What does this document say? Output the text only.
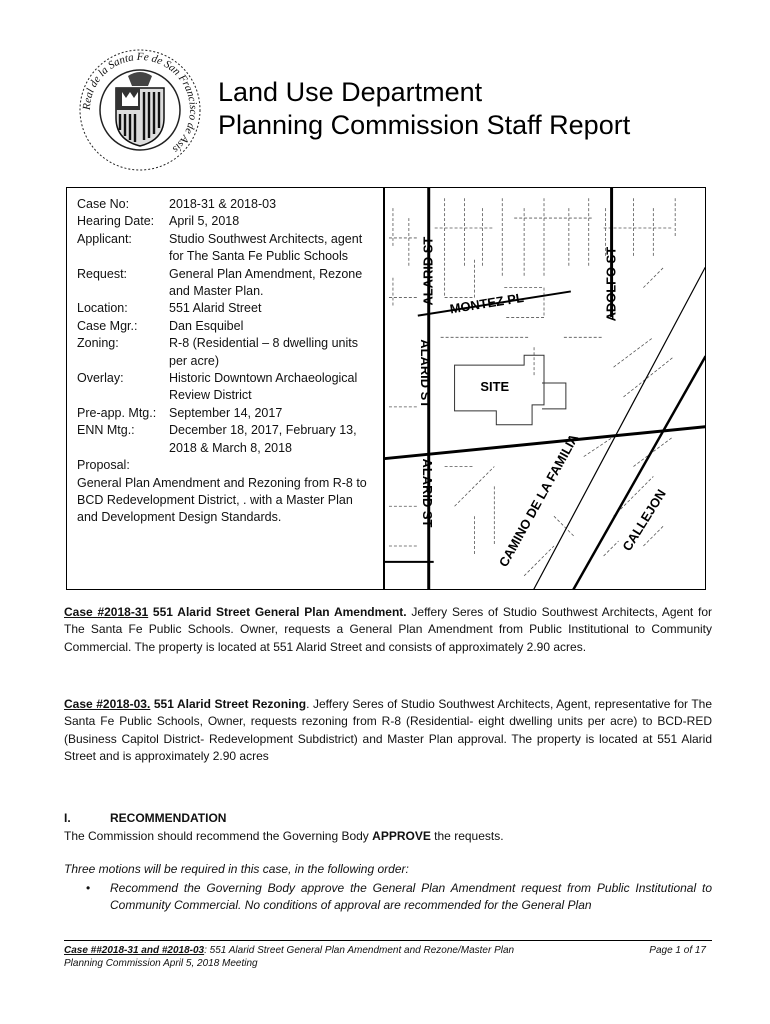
Real de la Santa Fe de San Francisco de Asís
Land Use Department
Planning Commission Staff Report
Case No:	2018-31 & 2018-03
Hearing Date:	April 5, 2018
Applicant:	Studio Southwest Architects, agent for The Santa Fe Public Schools
Request:	General Plan Amendment, Rezone and Master Plan.
Location:	551 Alarid Street
Case Mgr.:	Dan Esquibel
Zoning:	R-8 (Residential – 8 dwelling units per acre)
Overlay:	Historic Downtown Archaeological Review District
Pre-app. Mtg.:	September 14, 2017
ENN Mtg.:	December 18, 2017, February 13, 2018 & March 8, 2018
Proposal:
General Plan Amendment and Rezoning from R-8 to BCD Redevelopment District, . with a Master Plan and Development Design Standards.
ALARID ST
ALARID ST
ALARID ST
MONTEZ PL	ADOLFO ST
SITE
CAMINO DE LA FAMILIA	CALLEJON
Case #2018-31 551 Alarid Street General Plan Amendment. Jeffery Seres of Studio Southwest Architects, Agent for The Santa Fe Public Schools. Owner, requests a General Plan Amendment from Public Institutional to Community Commercial. The property is located at 551 Alarid Street and consists of approximately 2.90 acres.
Case #2018-03. 551 Alarid Street Rezoning. Jeffery Seres of Studio Southwest Architects, Agent, representative for The Santa Fe Public Schools, Owner, requests rezoning from R-8 (Residential- eight dwelling units per acre) to BCD-RED (Business Capitol District- Redevelopment Subdistrict) and Master Plan approval. The property is located at 551 Alarid Street and is approximately 2.90 acres
I.	RECOMMENDATION
The Commission should recommend the Governing Body APPROVE the requests.
Three motions will be required in this case, in the following order:
•	Recommend the Governing Body approve the General Plan Amendment request from Public Institutional to Community Commercial. No conditions of approval are recommended for the General Plan
Case ##2018-31 and #2018-03: 551 Alarid Street General Plan Amendment and Rezone/Master Plan
Planning Commission April 5, 2018 Meeting
Page 1 of 17
